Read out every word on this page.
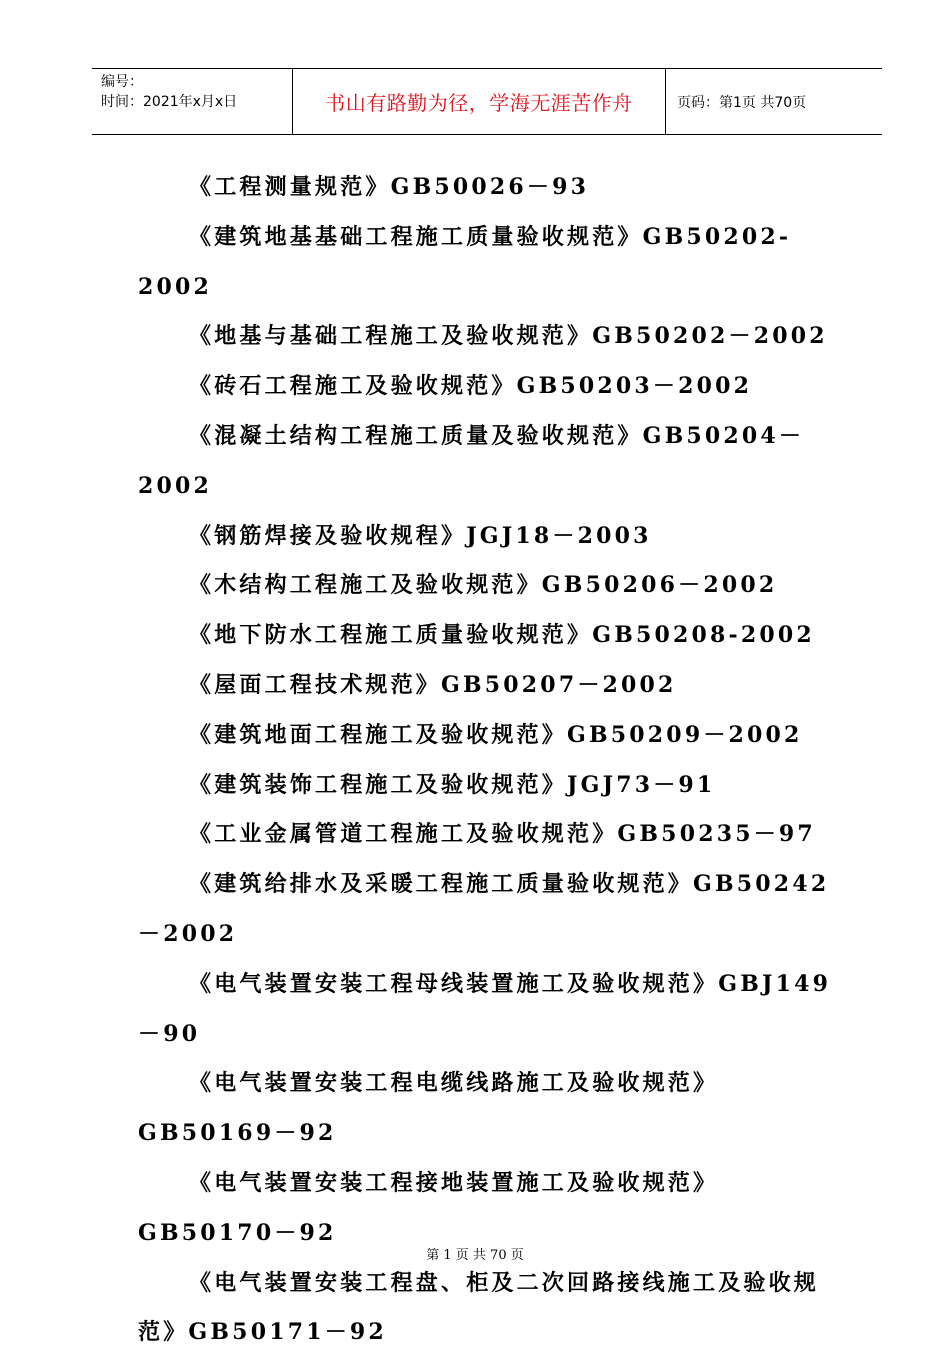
编号：
时间：2021年x月x日	书山有路勤为径，学海无涯苦作舟	页码：第1页 共70页
《工程测量规范》GB50026－93
《建筑地基基础工程施工质量验收规范》GB50202-2002
《地基与基础工程施工及验收规范》GB50202－2002
《砖石工程施工及验收规范》GB50203－2002
《混凝土结构工程施工质量及验收规范》GB50204－2002
《钢筋焊接及验收规程》JGJ18－2003
《木结构工程施工及验收规范》GB50206－2002
《地下防水工程施工质量验收规范》GB50208-2002
《屋面工程技术规范》GB50207－2002
《建筑地面工程施工及验收规范》GB50209－2002
《建筑装饰工程施工及验收规范》JGJ73－91
《工业金属管道工程施工及验收规范》GB50235－97
《建筑给排水及采暖工程施工质量验收规范》GB50242－2002
《电气装置安装工程母线装置施工及验收规范》GBJ149－90
《电气装置安装工程电缆线路施工及验收规范》GB50169－92
《电气装置安装工程接地装置施工及验收规范》GB50170－92
《电气装置安装工程盘、柜及二次回路接线施工及验收规范》GB50171－92
第 1 页 共 70 页
